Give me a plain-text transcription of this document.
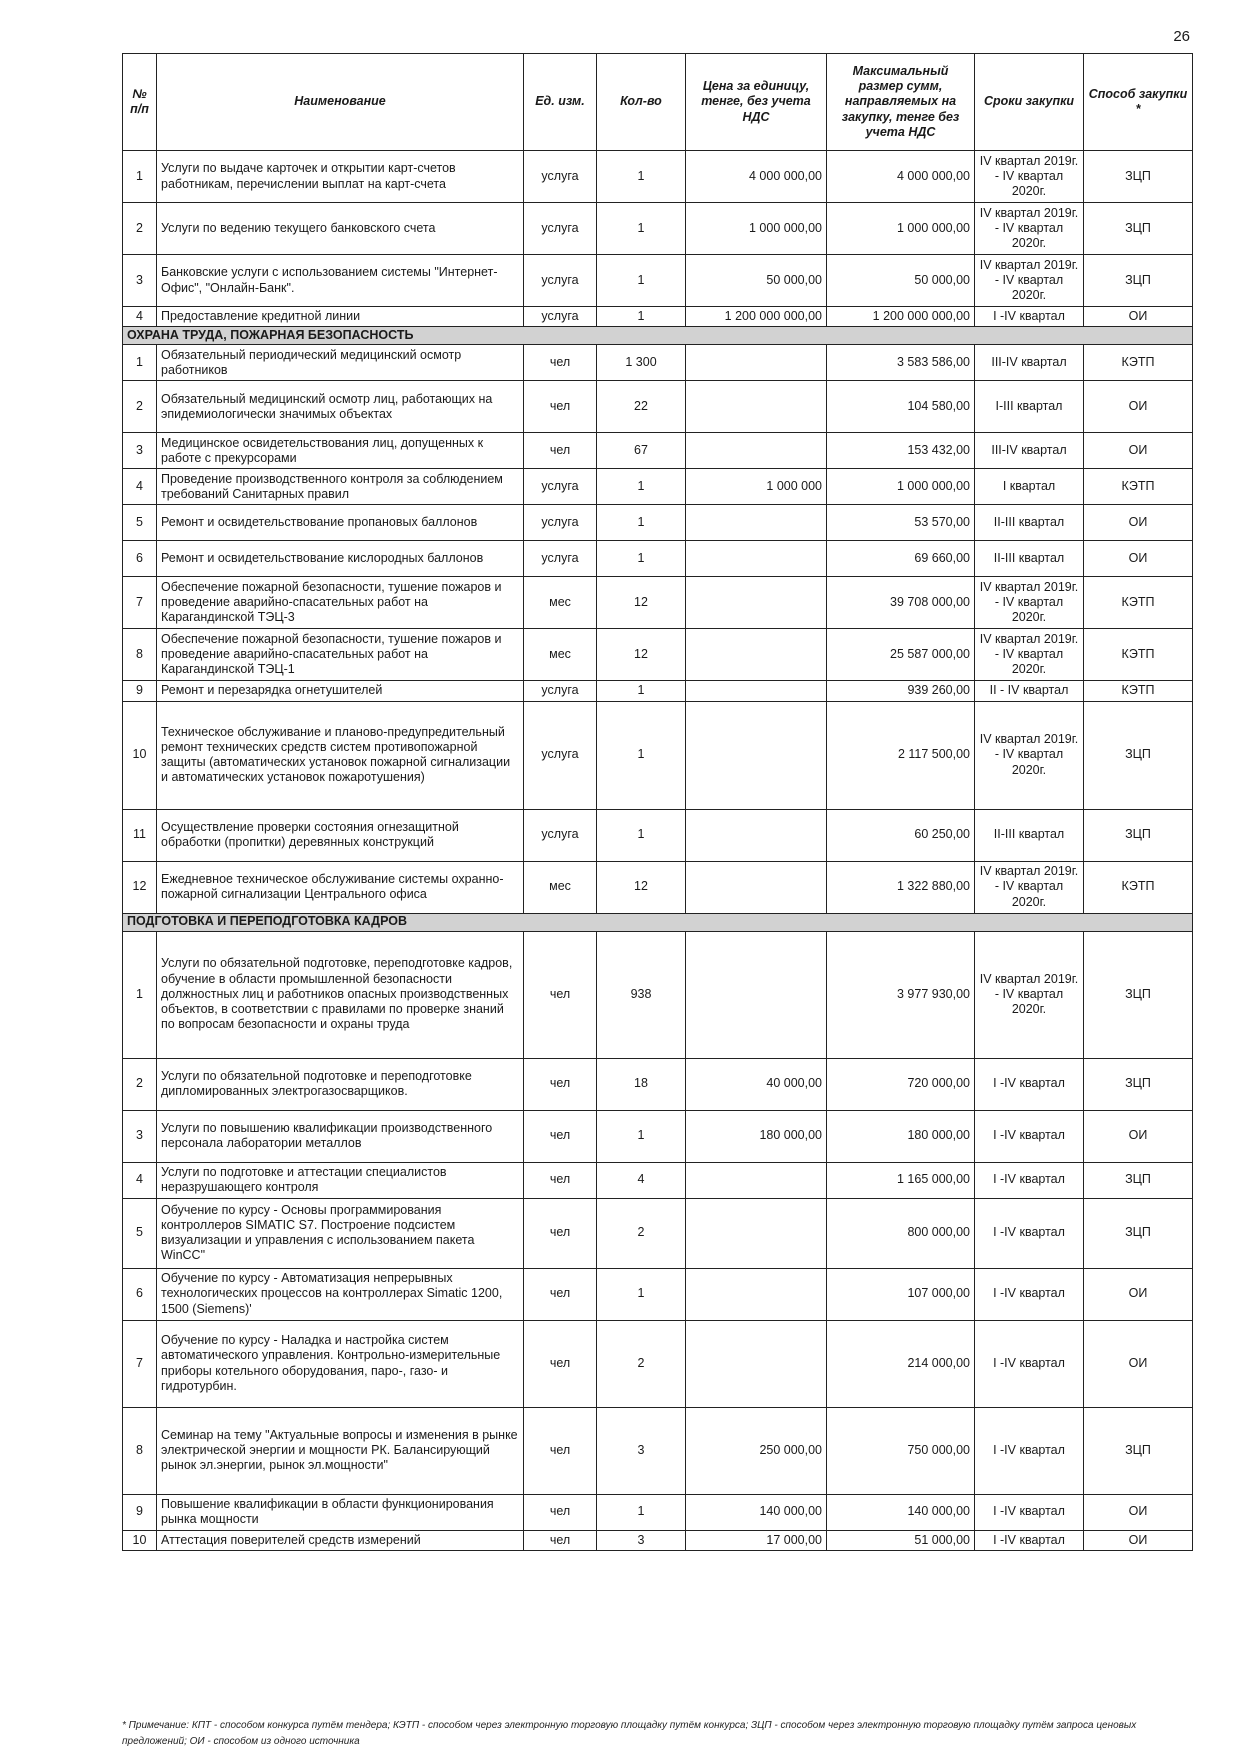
26
№ п/п	Наименование	Ед. изм.	Кол-во	Цена за единицу, тенге, без учета НДС	Максимальный размер сумм, направляемых на закупку, тенге без учета НДС	Сроки закупки	Способ закупки *
1	Услуги по выдаче карточек и открытии карт-счетов работникам, перечислении выплат на карт-счета	услуга	1	4 000 000,00	4 000 000,00	IV квартал 2019г. - IV квартал 2020г.	ЗЦП
2	Услуги по ведению текущего банковского счета	услуга	1	1 000 000,00	1 000 000,00	IV квартал 2019г. - IV квартал 2020г.	ЗЦП
3	Банковские услуги с использованием системы "Интернет-Офис", "Онлайн-Банк".	услуга	1	50 000,00	50 000,00	IV квартал 2019г. - IV квартал 2020г.	ЗЦП
4	Предоставление кредитной линии	услуга	1	1 200 000 000,00	1 200 000 000,00	I -IV квартал	ОИ
ОХРАНА ТРУДА, ПОЖАРНАЯ БЕЗОПАСНОСТЬ							
1	Обязательный периодический медицинский осмотр работников	чел	1 300		3 583 586,00	III-IV квартал	КЭТП
2	Обязательный медицинский осмотр лиц, работающих на эпидемиологически значимых объектах	чел	22		104 580,00	I-III квартал	ОИ
3	Медицинское освидетельствования лиц, допущенных к работе с прекурсорами	чел	67		153 432,00	III-IV квартал	ОИ
4	Проведение производственного контроля за соблюдением требований Санитарных правил	услуга	1	1 000 000	1 000 000,00	I квартал	КЭТП
5	Ремонт и освидетельствование пропановых баллонов	услуга	1		53 570,00	II-III квартал	ОИ
6	Ремонт и освидетельствование кислородных баллонов	услуга	1		69 660,00	II-III квартал	ОИ
7	Обеспечение пожарной безопасности, тушение пожаров и проведение аварийно-спасательных работ на Карагандинской ТЭЦ-3	мес	12		39 708 000,00	IV квартал 2019г. - IV квартал 2020г.	КЭТП
8	Обеспечение пожарной безопасности, тушение пожаров и проведение аварийно-спасательных работ на Карагандинской ТЭЦ-1	мес	12		25 587 000,00	IV квартал 2019г. - IV квартал 2020г.	КЭТП
9	Ремонт и перезарядка огнетушителей	услуга	1		939 260,00	II - IV квартал	КЭТП
10	Техническое обслуживание и планово-предупредительный ремонт технических средств систем противопожарной защиты (автоматических установок пожарной сигнализации и автоматических установок пожаротушения)	услуга	1		2 117 500,00	IV квартал 2019г. - IV квартал 2020г.	ЗЦП
11	Осуществление проверки состояния огнезащитной обработки (пропитки) деревянных конструкций	услуга	1		60 250,00	II-III квартал	ЗЦП
12	Ежедневное техническое обслуживание системы охранно-пожарной сигнализации Центрального офиса	мес	12		1 322 880,00	IV квартал 2019г. - IV квартал 2020г.	КЭТП
ПОДГОТОВКА И ПЕРЕПОДГОТОВКА КАДРОВ							
1	Услуги по обязательной подготовке, переподготовке кадров, обучение в области промышленной безопасности должностных лиц и работников опасных производственных объектов, в соответствии с правилами по проверке знаний по вопросам безопасности и охраны труда	чел	938		3 977 930,00	IV квартал 2019г. - IV квартал 2020г.	ЗЦП
2	Услуги по обязательной подготовке и переподготовке дипломированных электрогазосварщиков.	чел	18	40 000,00	720 000,00	I -IV квартал	ЗЦП
3	Услуги по повышению квалификации производственного персонала лаборатории металлов	чел	1	180 000,00	180 000,00	I -IV квартал	ОИ
4	Услуги по подготовке и аттестации специалистов неразрушающего контроля	чел	4		1 165 000,00	I -IV квартал	ЗЦП
5	Обучение по курсу - Основы программирования контроллеров SIMATIC S7. Построение подсистем визуализации и управления с использованием пакета WinCC"	чел	2		800 000,00	I -IV квартал	ЗЦП
6	Обучение по курсу - Автоматизация непрерывных технологических процессов на контроллерах Simatic 1200, 1500 (Siemens)'	чел	1		107 000,00	I -IV квартал	ОИ
7	Обучение по курсу - Наладка и настройка систем автоматического управления. Контрольно-измерительные приборы котельного оборудования, паро-, газо- и гидротурбин.	чел	2		214 000,00	I -IV квартал	ОИ
8	Семинар на тему "Актуальные вопросы и изменения в рынке электрической энергии и мощности РК. Балансирующий рынок эл.энергии, рынок эл.мощности"	чел	3	250 000,00	750 000,00	I -IV квартал	ЗЦП
9	Повышение квалификации в области функционирования рынка мощности	чел	1	140 000,00	140 000,00	I -IV квартал	ОИ
10	Аттестация поверителей средств измерений	чел	3	17 000,00	51 000,00	I -IV квартал	ОИ
* Примечание: КПТ - способом конкурса путём тендера; КЭТП - способом через электронную торговую площадку путём конкурса; ЗЦП - способом через электронную торговую площадку путём запроса ценовых предложений; ОИ - способом из одного источника
